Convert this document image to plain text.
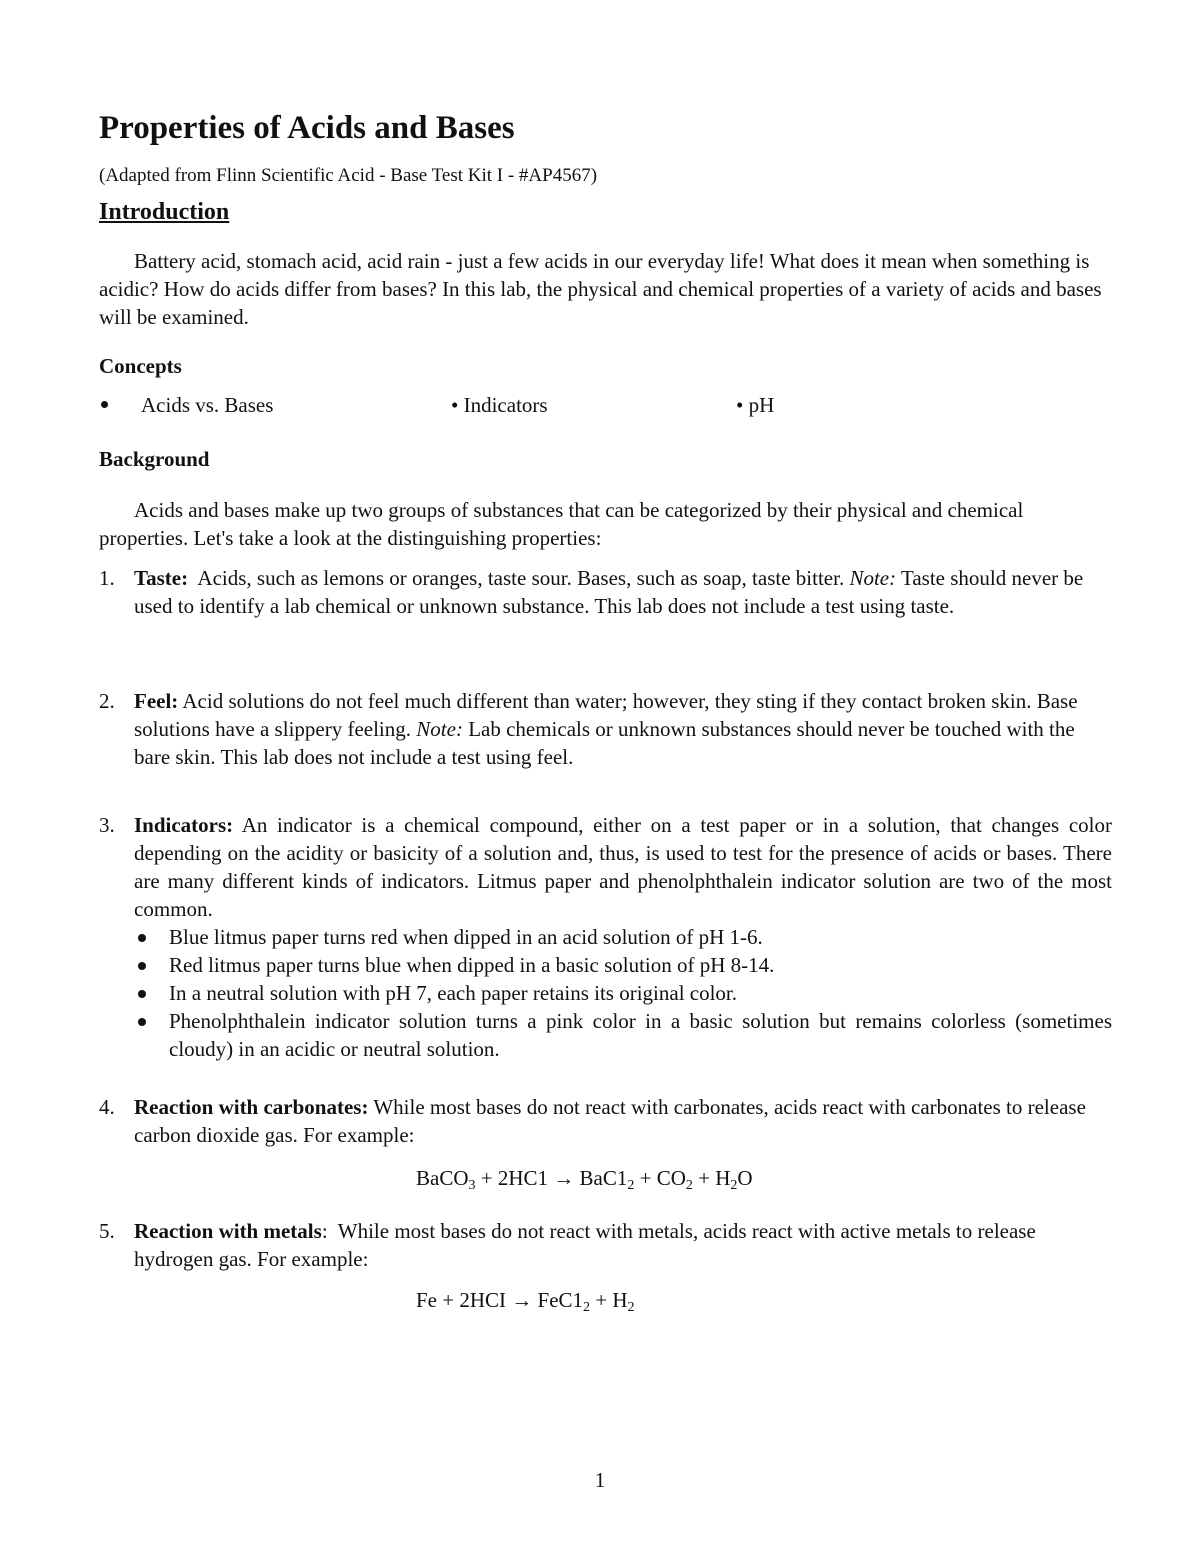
Properties of Acids and Bases
(Adapted from Flinn Scientific Acid - Base Test Kit I - #AP4567)
Introduction

Battery acid, stomach acid, acid rain - just a few acids in our everyday life! What does it mean when something is acidic? How do acids differ from bases? In this lab, the physical and chemical properties of a variety of acids and bases will be examined.

Concepts
Acids vs. Bases	• Indicators	• pH
Background

Acids and bases make up two groups of substances that can be categorized by their physical and chemical properties. Let's take a look at the distinguishing properties:

1. Taste: Acids, such as lemons or oranges, taste sour. Bases, such as soap, taste bitter. Note: Taste should never be used to identify a lab chemical or unknown substance. This lab does not include a test using taste.
2. Feel: Acid solutions do not feel much different than water; however, they sting if they contact broken skin. Base solutions have a slippery feeling. Note: Lab chemicals or unknown substances should never be touched with the bare skin. This lab does not include a test using feel.
3. Indicators: An indicator is a chemical compound, either on a test paper or in a solution, that changes color depending on the acidity or basicity of a solution and, thus, is used to test for the presence of acids or bases. There are many different kinds of indicators. Litmus paper and phenolphthalein indicator solution are two of the most common.
Blue litmus paper turns red when dipped in an acid solution of pH 1-6.
Red litmus paper turns blue when dipped in a basic solution of pH 8-14.
In a neutral solution with pH 7, each paper retains its original color.
Phenolphthalein indicator solution turns a pink color in a basic solution but remains colorless (sometimes cloudy) in an acidic or neutral solution.
4. Reaction with carbonates: While most bases do not react with carbonates, acids react with carbonates to release carbon dioxide gas. For example:
BaCO$_3$ + $2HC1 \to BaC1_2 + CO_2 + H_2O$
5. Reaction with metals: While most bases do not react with metals, acids react with active metals to release hydrogen gas. For example:
$Fe + 2HCI \to FeC1_2 + H_2$
1
